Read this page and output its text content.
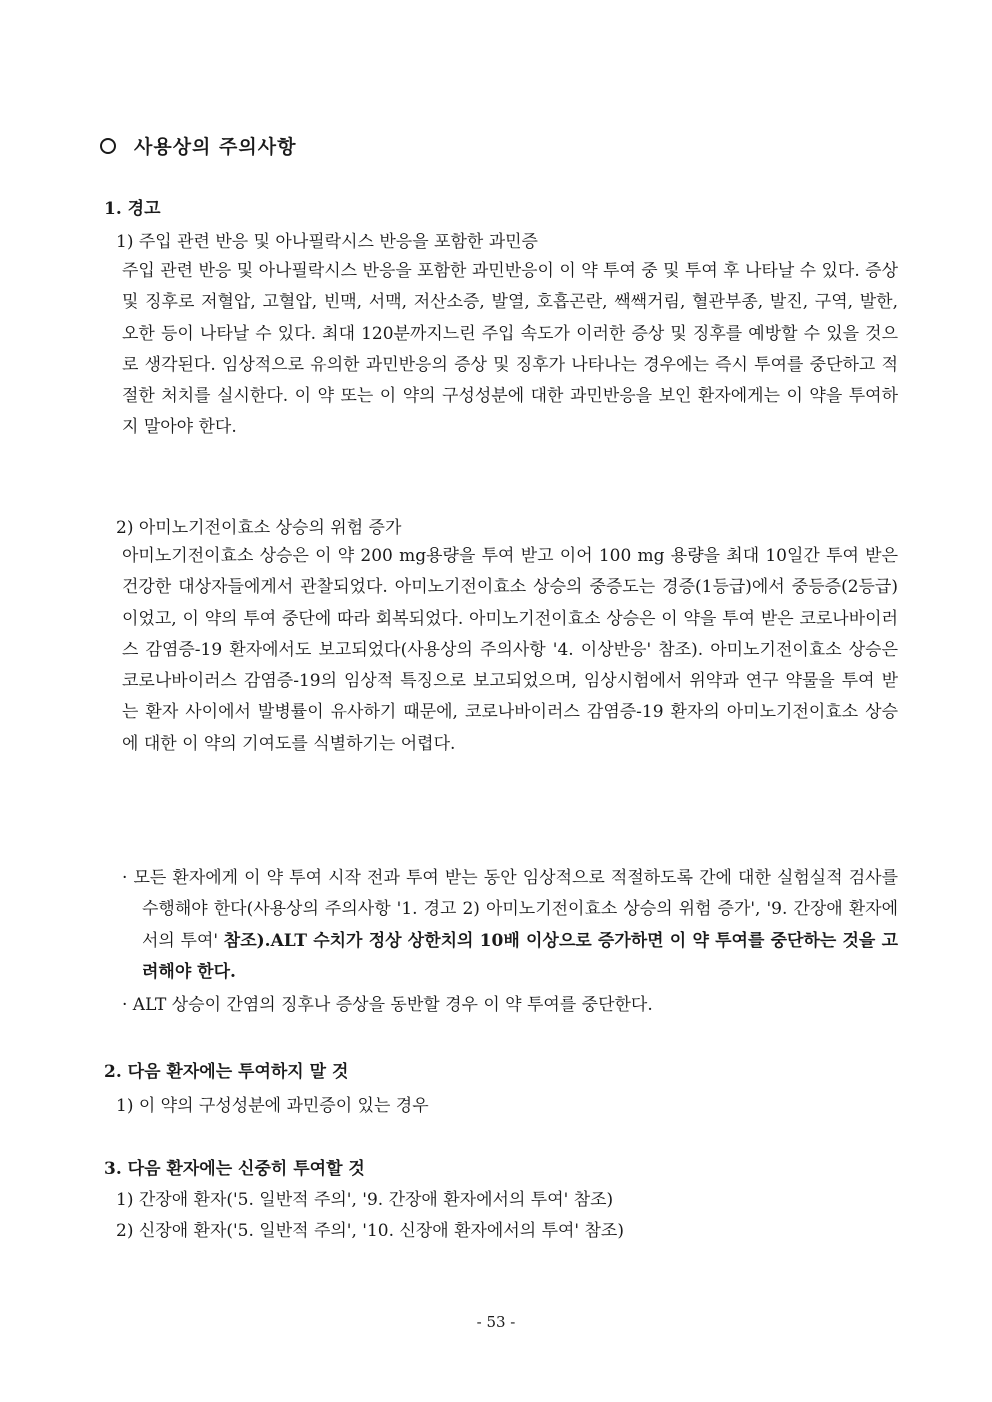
사용상의 주의사항
1. 경고
1) 주입 관련 반응 및 아나필락시스 반응을 포함한 과민증
주입 관련 반응 및 아나필락시스 반응을 포함한 과민반응이 이 약 투여 중 및 투여 후 나타날 수 있다. 증상 및 징후로 저혈압, 고혈압, 빈맥, 서맥, 저산소증, 발열, 호흡곤란, 쌕쌕거림, 혈관부종, 발진, 구역, 발한, 오한 등이 나타날 수 있다. 최대 120분까지느린 주입 속도가 이러한 증상 및 징후를 예방할 수 있을 것으로 생각된다. 임상적으로 유의한 과민반응의 증상 및 징후가 나타나는 경우에는 즉시 투여를 중단하고 적절한 처치를 실시한다. 이 약 또는 이 약의 구성성분에 대한 과민반응을 보인 환자에게는 이 약을 투여하지 말아야 한다.
2) 아미노기전이효소 상승의 위험 증가
아미노기전이효소 상승은 이 약 200 mg용량을 투여 받고 이어 100 mg 용량을 최대 10일간 투여 받은 건강한 대상자들에게서 관찰되었다. 아미노기전이효소 상승의 중증도는 경증(1등급)에서 중등증(2등급)이었고, 이 약의 투여 중단에 따라 회복되었다. 아미노기전이효소 상승은 이 약을 투여 받은 코로나바이러스 감염증-19 환자에서도 보고되었다(사용상의 주의사항 '4. 이상반응' 참조). 아미노기전이효소 상승은 코로나바이러스 감염증-19의 임상적 특징으로 보고되었으며, 임상시험에서 위약과 연구 약물을 투여 받는 환자 사이에서 발병률이 유사하기 때문에, 코로나바이러스 감염증-19 환자의 아미노기전이효소 상승에 대한 이 약의 기여도를 식별하기는 어렵다.
· 모든 환자에게 이 약 투여 시작 전과 투여 받는 동안 임상적으로 적절하도록 간에 대한 실험실적 검사를 수행해야 한다(사용상의 주의사항 '1. 경고 2) 아미노기전이효소 상승의 위험 증가', '9. 간장애 환자에서의 투여' 참조).ALT 수치가 정상 상한치의 10배 이상으로 증가하면 이 약 투여를 중단하는 것을 고려해야 한다.
· ALT 상승이 간염의 징후나 증상을 동반할 경우 이 약 투여를 중단한다.
2. 다음 환자에는 투여하지 말 것
1) 이 약의 구성성분에 과민증이 있는 경우
3. 다음 환자에는 신중히 투여할 것
1) 간장애 환자('5. 일반적 주의', '9. 간장애 환자에서의 투여' 참조)
2) 신장애 환자('5. 일반적 주의', '10. 신장애 환자에서의 투여' 참조)
- 53 -
